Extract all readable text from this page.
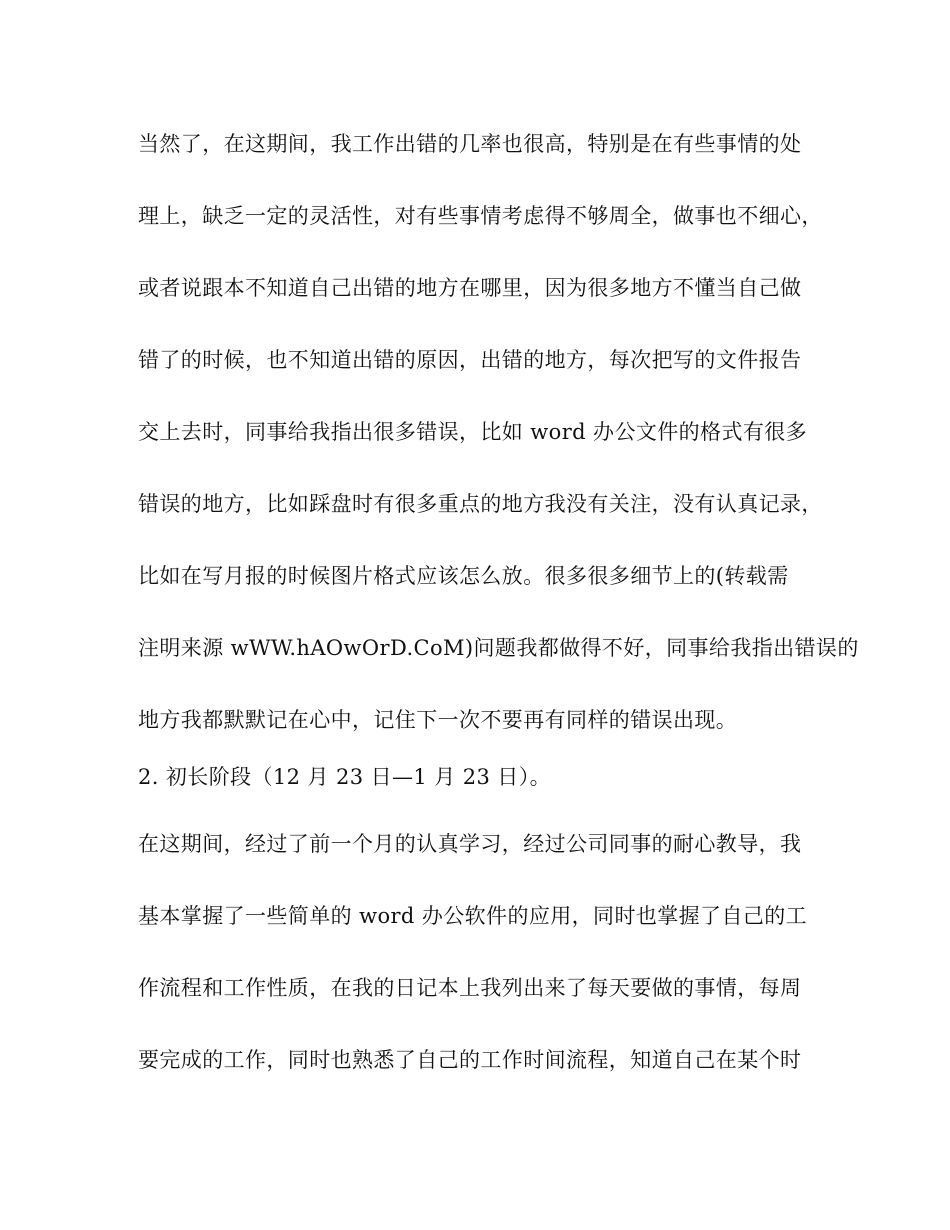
当然了，在这期间，我工作出错的几率也很高，特别是在有些事情的处

理上，缺乏一定的灵活性，对有些事情考虑得不够周全，做事也不细心，

或者说跟本不知道自己出错的地方在哪里，因为很多地方不懂当自己做

错了的时候，也不知道出错的原因，出错的地方，每次把写的文件报告

交上去时，同事给我指出很多错误，比如 word 办公文件的格式有很多

错误的地方，比如踩盘时有很多重点的地方我没有关注，没有认真记录，

比如在写月报的时候图片格式应该怎么放。很多很多细节上的(转载需

注明来源 wWW.hAOwOrD.CoM)问题我都做得不好，同事给我指出错误的

地方我都默默记在心中，记住下一次不要再有同样的错误出现。

2. 初长阶段（12 月 23 日—1 月 23 日）。

在这期间，经过了前一个月的认真学习，经过公司同事的耐心教导，我

基本掌握了一些简单的 word 办公软件的应用，同时也掌握了自己的工

作流程和工作性质，在我的日记本上我列出来了每天要做的事情，每周

要完成的工作，同时也熟悉了自己的工作时间流程，知道自己在某个时
